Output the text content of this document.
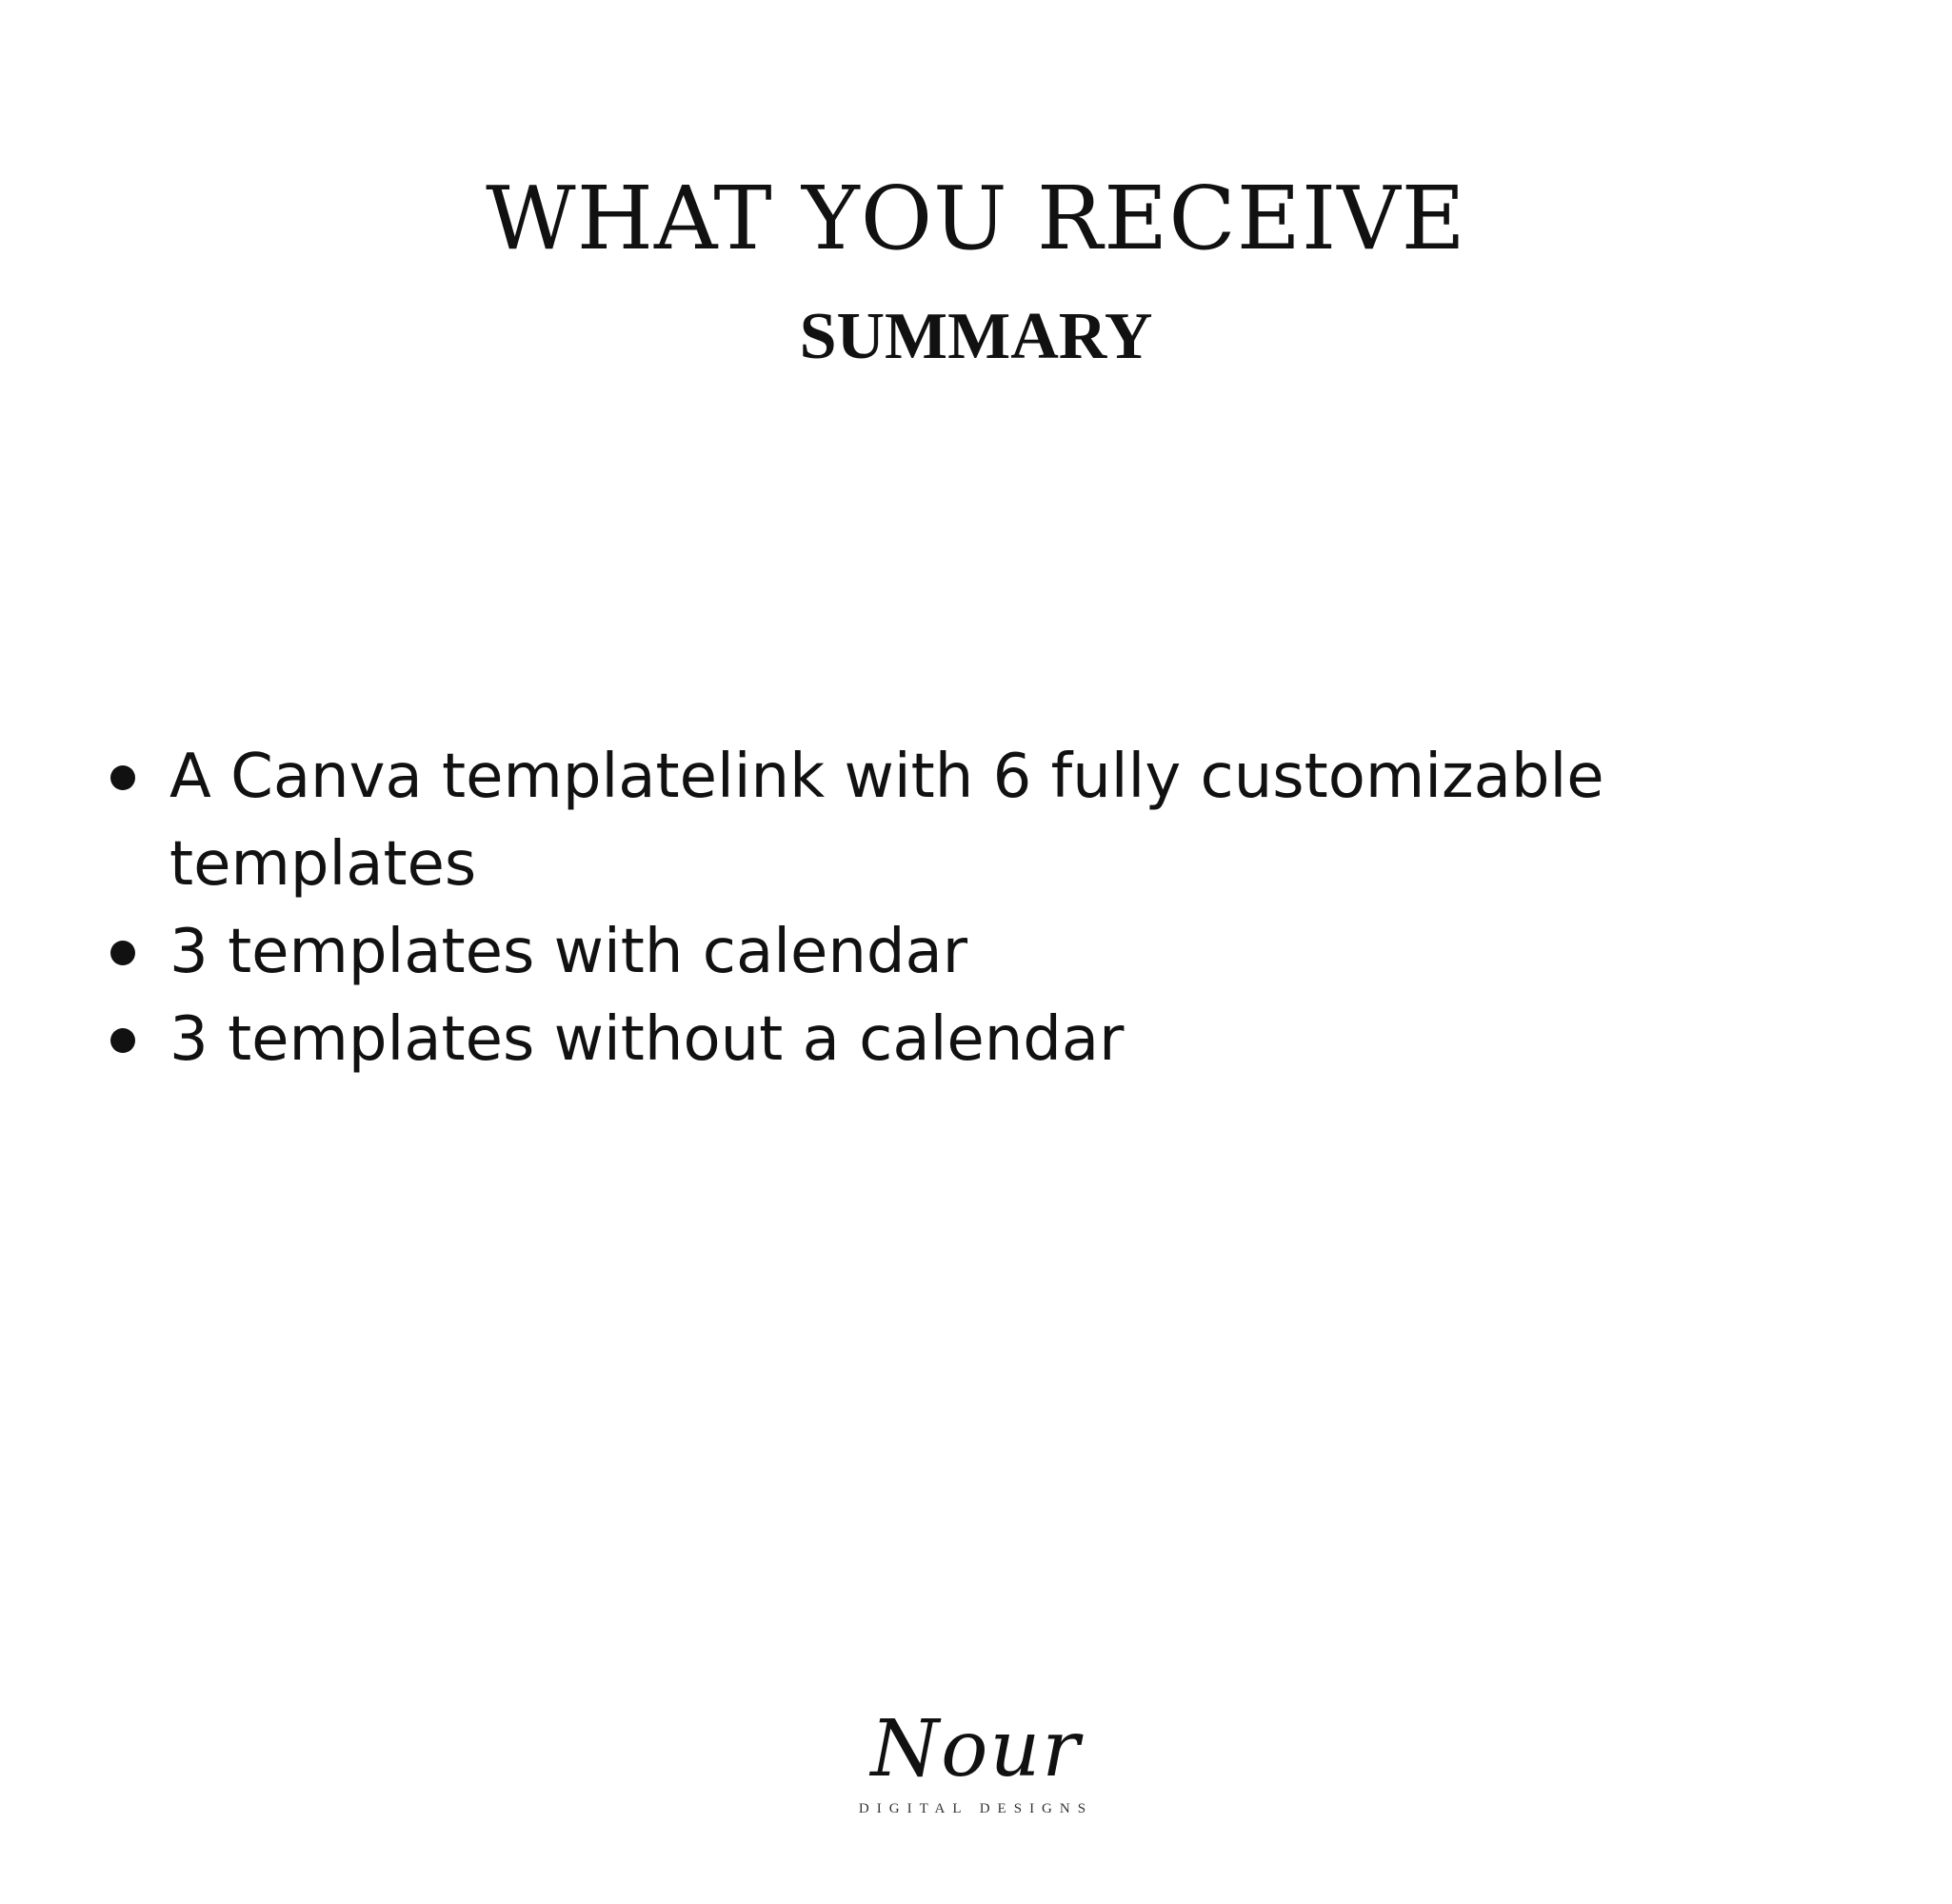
WHAT YOU RECEIVE
SUMMARY
A Canva templatelink with 6 fully customizable templates
3 templates with calendar
3 templates without a calendar
Nour
DIGITAL DESIGNS
